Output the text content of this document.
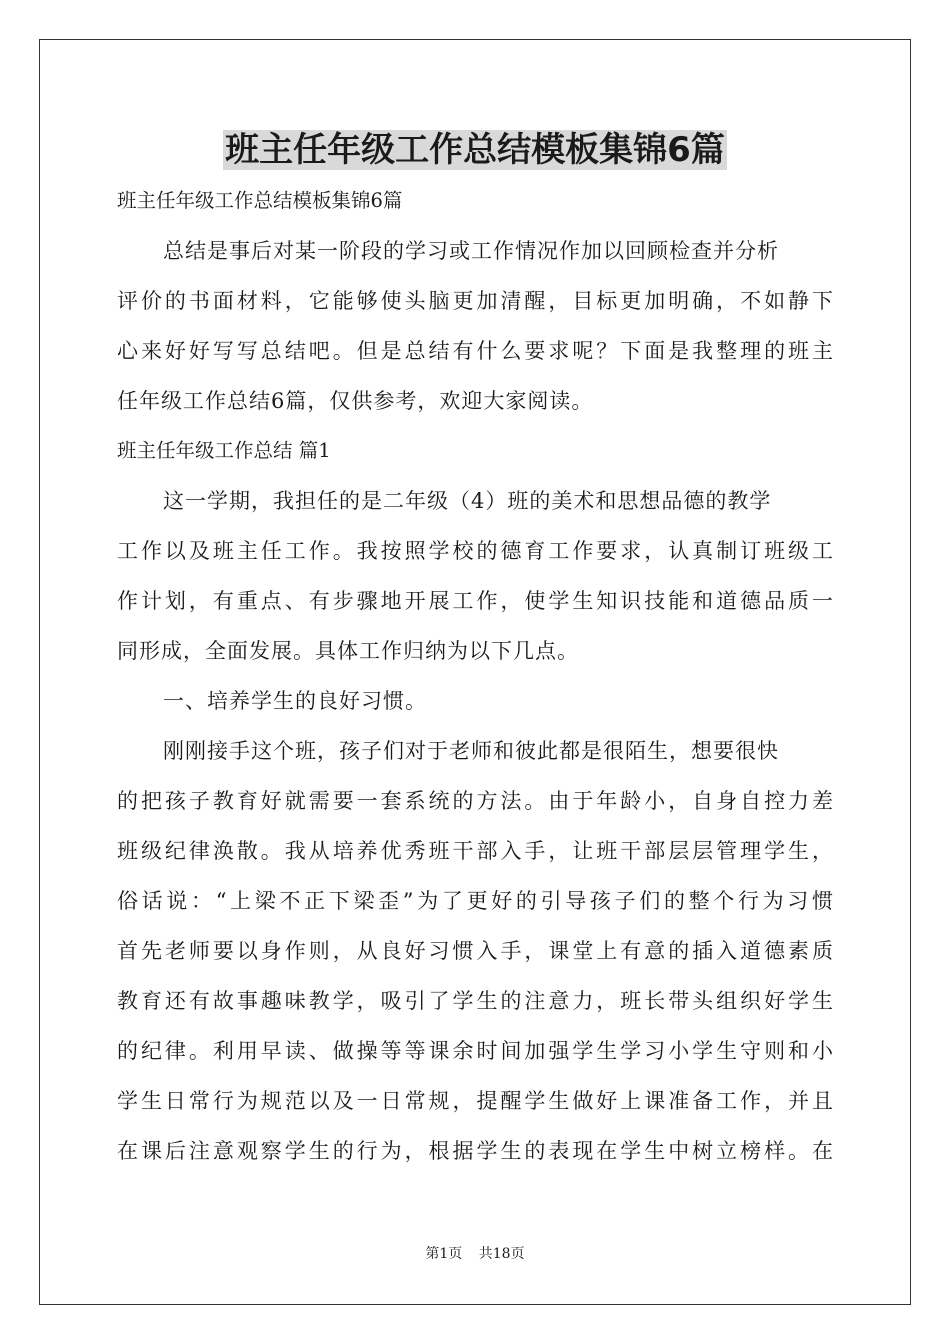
班主任年级工作总结模板集锦6篇
班主任年级工作总结模板集锦6篇
总结是事后对某一阶段的学习或工作情况作加以回顾检查并分析
评价的书面材料，它能够使头脑更加清醒，目标更加明确，不如静下
心来好好写写总结吧。但是总结有什么要求呢？下面是我整理的班主
任年级工作总结6篇，仅供参考，欢迎大家阅读。
班主任年级工作总结 篇1
这一学期，我担任的是二年级（4）班的美术和思想品德的教学
工作以及班主任工作。我按照学校的德育工作要求，认真制订班级工
作计划，有重点、有步骤地开展工作，使学生知识技能和道德品质一
同形成，全面发展。具体工作归纳为以下几点。
一、培养学生的良好习惯。
刚刚接手这个班，孩子们对于老师和彼此都是很陌生，想要很快
的把孩子教育好就需要一套系统的方法。由于年龄小，自身自控力差
班级纪律涣散。我从培养优秀班干部入手，让班干部层层管理学生，
俗话说：“上梁不正下梁歪”为了更好的引导孩子们的整个行为习惯
首先老师要以身作则，从良好习惯入手，课堂上有意的插入道德素质
教育还有故事趣味教学，吸引了学生的注意力，班长带头组织好学生
的纪律。利用早读、做操等等课余时间加强学生学习小学生守则和小
学生日常行为规范以及一日常规，提醒学生做好上课准备工作，并且
在课后注意观察学生的行为，根据学生的表现在学生中树立榜样。在
第1页 共18页
